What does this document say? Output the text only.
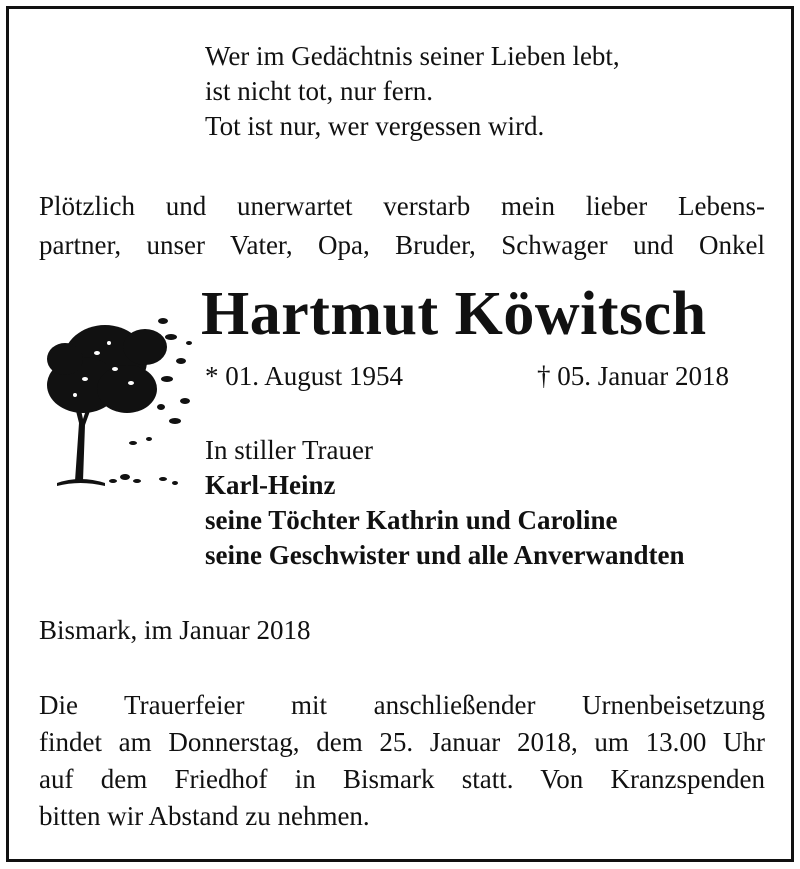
Wer im Gedächtnis seiner Lieben lebt,
ist nicht tot, nur fern.
Tot ist nur, wer vergessen wird.
Plötzlich und unerwartet verstarb mein lieber Lebens-
partner, unser Vater, Opa, Bruder, Schwager und Onkel
Hartmut Köwitsch
* 01. August 1954	† 05. Januar 2018
In stiller Trauer
Karl-Heinz
seine Töchter Kathrin und Caroline
seine Geschwister und alle Anverwandten
Bismark, im Januar 2018
Die Trauerfeier mit anschließender Urnenbeisetzung
findet am Donnerstag, dem 25. Januar 2018, um 13.00 Uhr
auf dem Friedhof in Bismark statt. Von Kranzspenden
bitten wir Abstand zu nehmen.
